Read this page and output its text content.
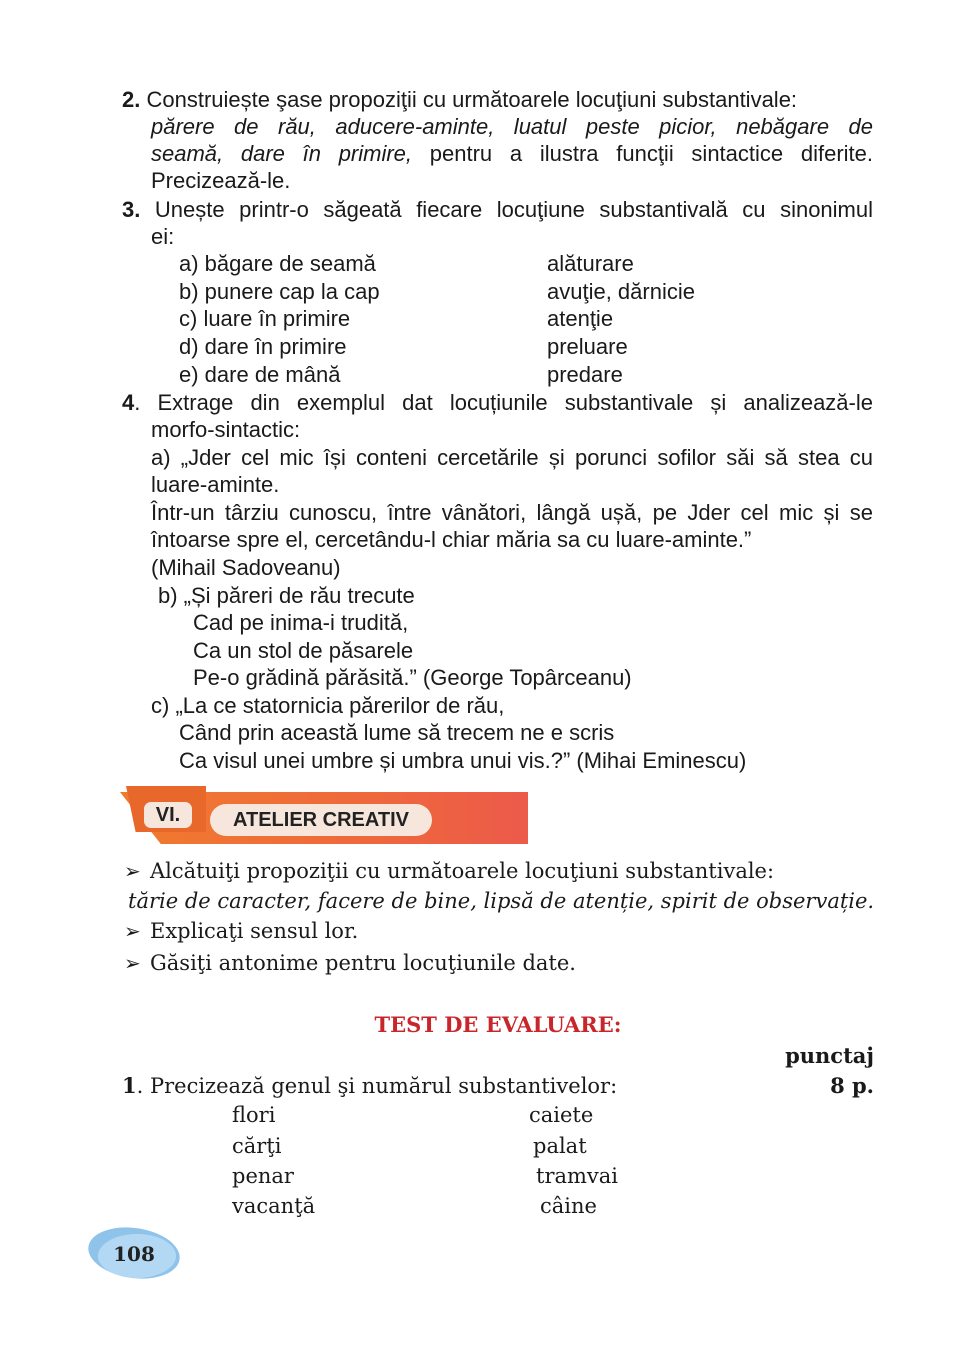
2. Construiește şase propoziţii cu următoarele locuţiuni substantivale:
părere de rău, aducere-aminte, luatul peste picior, nebăgare de
seamă, dare în primire, pentru a ilustra funcţii sintactice diferite.
Precizează-le.
3. Unește printr-o săgeată fiecare locuţiune substantivală cu sinonimul
ei:
a) băgare de seamă	alăturare
b) punere cap la cap	avuţie, dărnicie
c) luare în primire	atenţie
d) dare în primire	preluare
e) dare de mână	predare
4. Extrage din exemplul dat locuțiunile substantivale și analizează-le
morfo-sintactic:
a) „Jder cel mic își conteni cercetările și porunci sofilor săi să stea cu
luare-aminte.
Într-un târziu cunoscu, între vânători, lângă ușă, pe Jder cel mic și se
întoarse spre el, cercetându-l chiar măria sa cu luare-aminte.”
(Mihail Sadoveanu)
b) „Și păreri de rău trecute
Cad pe inima-i trudită,
Ca un stol de păsarele
Pe-o grădină părăsită.” (George Topârceanu)
c) „La ce statornicia părerilor de rău,
Când prin această lume să trecem ne e scris
Ca visul unei umbre și umbra unui vis.?” (Mihai Eminescu)
VI.	ATELIER CREATIV
➢ Alcătuiţi propoziţii cu următoarele locuţiuni substantivale:
tărie de caracter, facere de bine, lipsă de atenție, spirit de observație.
➢ Explicaţi sensul lor.
➢ Găsiţi antonime pentru locuţiunile date.
TEST DE EVALUARE:
punctaj
1. Precizează genul şi numărul substantivelor:	8 p.
flori	caiete
cărţi	palat
penar	tramvai
vacanţă	câine
108
